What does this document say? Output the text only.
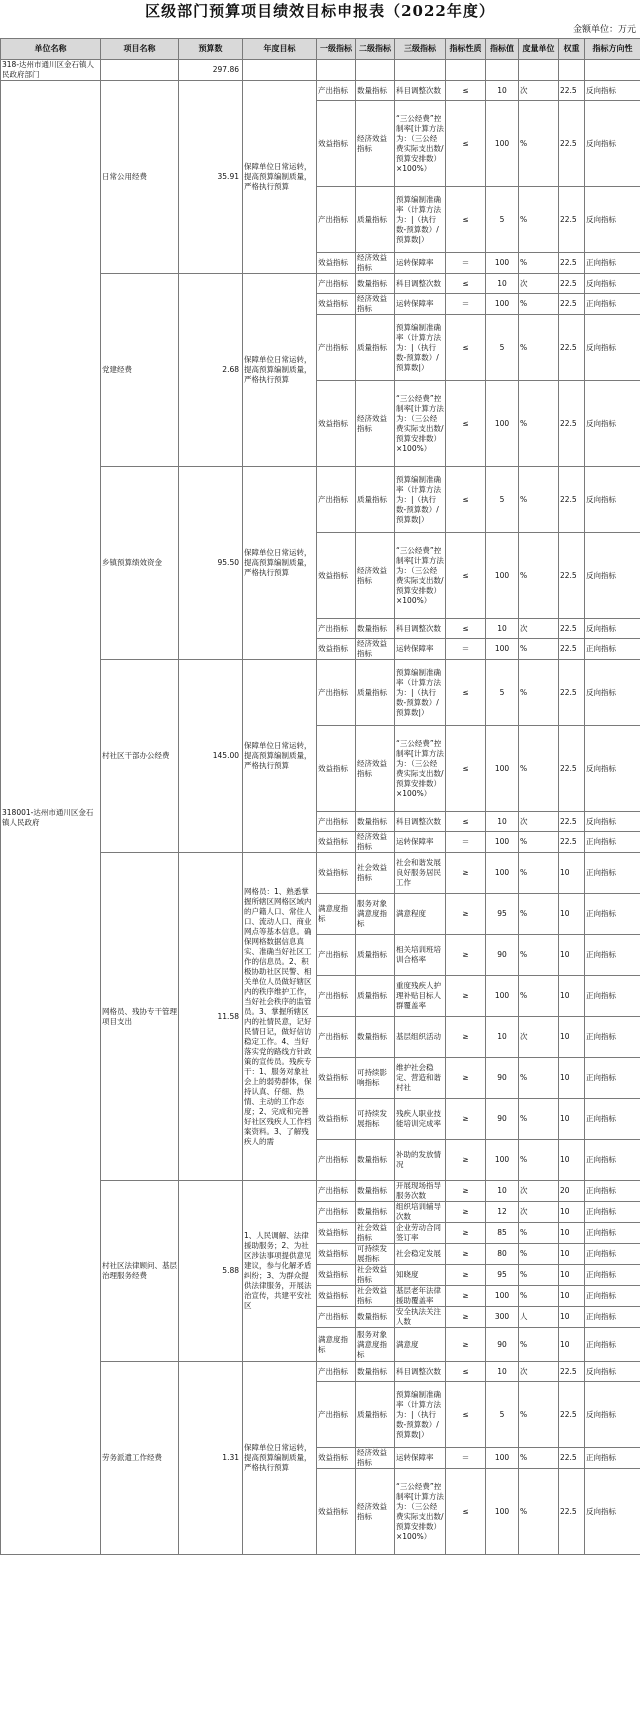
区级部门预算项目绩效目标申报表（2022年度）
金额单位：万元
单位名称	项目名称	预算数	年度目标	一级指标	二级指标	三级指标	指标性质	指标值	度量单位	权重	指标方向性
318-达州市通川区金石镇人民政府部门		297.86									
318001-达州市通川区金石镇人民政府	日常公用经费	35.91	保障单位日常运转，提高预算编制质量，严格执行预算	产出指标	数量指标	科目调整次数	≤	10	次	22.5	反向指标
				效益指标	经济效益指标	“三公经费”控制率[计算方法为：（三公经费实际支出数/预算安排数）×100%）	≤	100	%	22.5	反向指标
				产出指标	质量指标	预算编制准确率（计算方法为：|（执行数-预算数）/预算数|）	≤	5	%	22.5	反向指标
				效益指标	经济效益指标	运转保障率	＝	100	%	22.5	正向指标
	党建经费	2.68	保障单位日常运转，提高预算编制质量，严格执行预算	产出指标	数量指标	科目调整次数	≤	10	次	22.5	反向指标
				效益指标	经济效益指标	运转保障率	＝	100	%	22.5	正向指标
				产出指标	质量指标	预算编制准确率（计算方法为：|（执行数-预算数）/预算数|）	≤	5	%	22.5	反向指标
				效益指标	经济效益指标	“三公经费”控制率[计算方法为：（三公经费实际支出数/预算安排数）×100%）	≤	100	%	22.5	反向指标
	乡镇预算绩效资金	95.50	保障单位日常运转，提高预算编制质量，严格执行预算	产出指标	质量指标	预算编制准确率（计算方法为：|（执行数-预算数）/预算数|）	≤	5	%	22.5	反向指标
				效益指标	经济效益指标	“三公经费”控制率[计算方法为：（三公经费实际支出数/预算安排数）×100%）	≤	100	%	22.5	反向指标
				产出指标	数量指标	科目调整次数	≤	10	次	22.5	反向指标
				效益指标	经济效益指标	运转保障率	＝	100	%	22.5	正向指标
	村社区干部办公经费	145.00	保障单位日常运转，提高预算编制质量，严格执行预算	产出指标	质量指标	预算编制准确率（计算方法为：|（执行数-预算数）/预算数|）	≤	5	%	22.5	反向指标
				效益指标	经济效益指标	“三公经费”控制率[计算方法为：（三公经费实际支出数/预算安排数）×100%）	≤	100	%	22.5	反向指标
				产出指标	数量指标	科目调整次数	≤	10	次	22.5	反向指标
				效益指标	经济效益指标	运转保障率	＝	100	%	22.5	正向指标
	网格员、残协专干管理项目支出	11.58	网格员：1、熟悉掌握所辖区网格区域内的户籍人口、常住人口、流动人口、商业网点等基本信息。确保网格数据信息真实、准确当好社区工作的信息员。2、积极协助社区民警、相关单位人员做好辖区内的秩序维护工作，当好社会秩序的监管员。3、掌握所辖区内的社情民意，记好民情日记，做好信访稳定工作。4、当好落实党的路线方针政策的宣传员。残疾专干：1、服务对象社会上的弱势群体，保持认真、仔细、热情、主动的工作态度；2、完成和完善好社区残疾人工作档案资料。3、了解残疾人的需	效益指标	社会效益指标	社会和谐发展良好服务居民工作	≥	100	%	10	正向指标
				满意度指标	服务对象满意度指标	满意程度	≥	95	%	10	正向指标
				产出指标	质量指标	相关培训班培训合格率	≥	90	%	10	正向指标
				产出指标	质量指标	重度残疾人护理补贴目标人群覆盖率	≥	100	%	10	正向指标
				产出指标	数量指标	基层组织活动	≥	10	次	10	正向指标
				效益指标	可持续影响指标	维护社会稳定、营造和谐村社	≥	90	%	10	正向指标
				效益指标	可持续发展指标	残疾人职业技能培训完成率	≥	90	%	10	正向指标
				产出指标	数量指标	补助的发放情况	≥	100	%	10	正向指标
	村社区法律顾问、基层治理服务经费	5.88	1、人民调解、法律援助服务；2、为社区涉法事项提供意见建议，参与化解矛盾纠纷；3、为群众提供法律服务，开展法治宣传，共建平安社区	产出指标	数量指标	开展现场指导服务次数	≥	10	次	20	正向指标
				产出指标	数量指标	组织培训辅导次数	≥	12	次	10	正向指标
				效益指标	社会效益指标	企业劳动合同签订率	≥	85	%	10	正向指标
				效益指标	可持续发展指标	社会稳定发展	≥	80	%	10	正向指标
				效益指标	社会效益指标	知晓度	≥	95	%	10	正向指标
				效益指标	社会效益指标	基层老年法律援助覆盖率	≥	100	%	10	正向指标
				产出指标	数量指标	安全执法关注人数	≥	300	人	10	正向指标
				满意度指标	服务对象满意度指标	满意度	≥	90	%	10	正向指标
	劳务派遣工作经费	1.31	保障单位日常运转，提高预算编制质量，严格执行预算	产出指标	数量指标	科目调整次数	≤	10	次	22.5	反向指标
				产出指标	质量指标	预算编制准确率（计算方法为：|（执行数-预算数）/预算数|）	≤	5	%	22.5	反向指标
				效益指标	经济效益指标	运转保障率	＝	100	%	22.5	正向指标
				效益指标	经济效益指标	“三公经费”控制率[计算方法为：（三公经费实际支出数/预算安排数）×100%）	≤	100	%	22.5	反向指标
